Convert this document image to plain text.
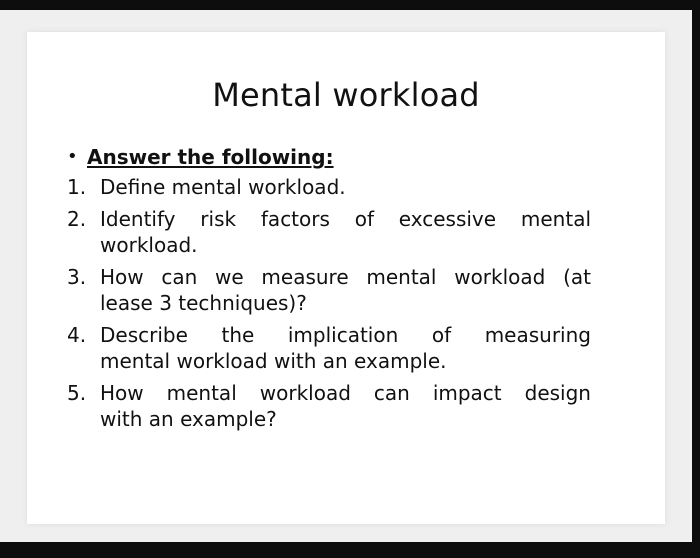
Mental workload
• Answer the following:
1. Define mental workload.
2. Identify risk factors of excessive mental
workload.
3. How can we measure mental workload (at
lease 3 techniques)?
4. Describe the implication of measuring
mental workload with an example.
5. How mental workload can impact design
with an example?
